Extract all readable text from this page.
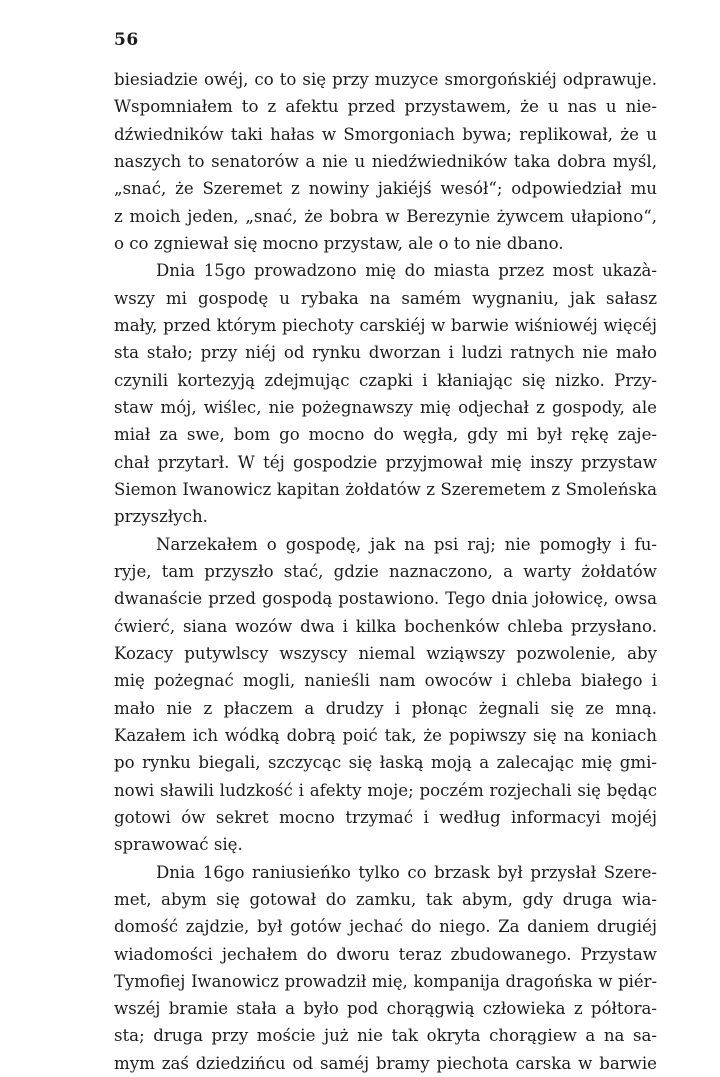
56
biesiadzie owéj, co to się przy muzyce smorgońskiéj odprawuje.
Wspomniałem to z afektu przed przystawem, że u nas u nie-
dźwiedników taki hałas w Smorgoniach bywa; replikował, że u
naszych to senatorów a nie u niedźwiedników taka dobra myśl,
„snać, że Szeremet z nowiny jakiéjś wesół“; odpowiedział mu
z moich jeden, „snać, że bobra w Berezynie żywcem ułapiono“,
o co zgniewał się mocno przystaw, ale o to nie dbano.
Dnia 15go prowadzono mię do miasta przez most ukazà-
wszy mi gospodę u rybaka na samém wygnaniu, jak sałasz
mały, przed którym piechoty carskiéj w barwie wiśniowéj więcéj
sta stało; przy niéj od rynku dworzan i ludzi ratnych nie mało
czynili kortezyją zdejmując czapki i kłaniając się nizko. Przy-
staw mój, wiślec, nie pożegnawszy mię odjechał z gospody, ale
miał za swe, bom go mocno do węgła, gdy mi był rękę zaje-
chał przytarł. W téj gospodzie przyjmował mię inszy przystaw
Siemon Iwanowicz kapitan żołdatów z Szeremetem z Smoleńska
przyszłych.
Narzekałem o gospodę, jak na psi raj; nie pomogły i fu-
ryje, tam przyszło stać, gdzie naznaczono, a warty żołdatów
dwanaście przed gospodą postawiono. Tego dnia jołowicę, owsa
ćwierć, siana wozów dwa i kilka bochenków chleba przysłano.
Kozacy putywlscy wszyscy niemal wziąwszy pozwolenie, aby
mię pożegnać mogli, nanieśli nam owoców i chleba białego i
mało nie z płaczem a drudzy i płonąc żegnali się ze mną.
Kazałem ich wódką dobrą poić tak, że popiwszy się na koniach
po rynku biegali, szczycąc się łaską moją a zalecając mię gmi-
nowi sławili ludzkość i afekty moje; poczém rozjechali się będąc
gotowi ów sekret mocno trzymać i według informacyi mojéj
sprawować się.
Dnia 16go raniusieńko tylko co brzask był przysłał Szere-
met, abym się gotował do zamku, tak abym, gdy druga wia-
domość zajdzie, był gotów jechać do niego. Za daniem drugiéj
wiadomości jechałem do dworu teraz zbudowanego. Przystaw
Tymofiej Iwanowicz prowadził mię, kompanija dragońska w piér-
wszéj bramie stała a było pod chorągwią człowieka z półtora-
sta; druga przy moście już nie tak okryta chorągiew a na sa-
mym zaś dziedzińcu od saméj bramy piechota carska w barwie
